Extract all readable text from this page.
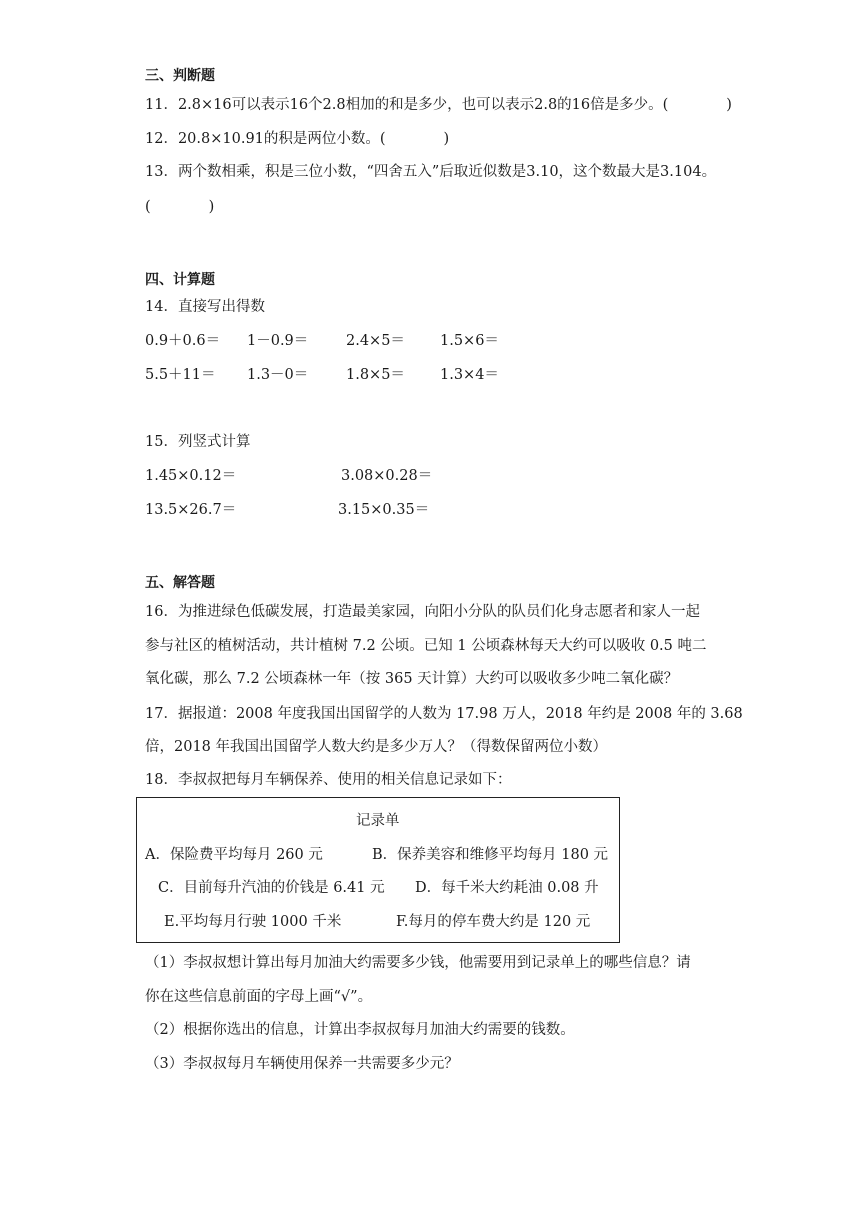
三、判断题
11．2.8×16可以表示16个2.8相加的和是多少，也可以表示2.8的16倍是多少。(　　　　)
12．20.8×10.91的积是两位小数。(　　　　)
13．两个数相乘，积是三位小数，“四舍五入”后取近似数是3.10，这个数最大是3.104。
(　　　　)
四、计算题
14．直接写出得数
0.9＋0.6＝ 1－0.9＝	2.4×5＝ 1.5×6＝
5.5＋11＝ 1.3－0＝	1.8×5＝ 1.3×4＝
15．列竖式计算
1.45×0.12＝	3.08×0.28＝
13.5×26.7＝	3.15×0.35＝
五、解答题
16．为推进绿色低碳发展，打造最美家园，向阳小分队的队员们化身志愿者和家人一起
参与社区的植树活动，共计植树 7.2 公顷。已知 1 公顷森林每天大约可以吸收 0.5 吨二
氧化碳，那么 7.2 公顷森林一年（按 365 天计算）大约可以吸收多少吨二氧化碳？
17．据报道：2008 年度我国出国留学的人数为 17.98 万人，2018 年约是 2008 年的 3.68
倍，2018 年我国出国留学人数大约是多少万人？（得数保留两位小数）
18．李叔叔把每月车辆保养、使用的相关信息记录如下：
记录单
A．保险费平均每月 260 元	B．保养美容和维修平均每月 180 元
C．目前每升汽油的价钱是 6.41 元 D．每千米大约耗油 0.08 升
E.平均每月行驶 1000 千米	F.每月的停车费大约是 120 元
（1）李叔叔想计算出每月加油大约需要多少钱，他需要用到记录单上的哪些信息？请
你在这些信息前面的字母上画“√”。
（2）根据你选出的信息，计算出李叔叔每月加油大约需要的钱数。
（3）李叔叔每月车辆使用保养一共需要多少元？
